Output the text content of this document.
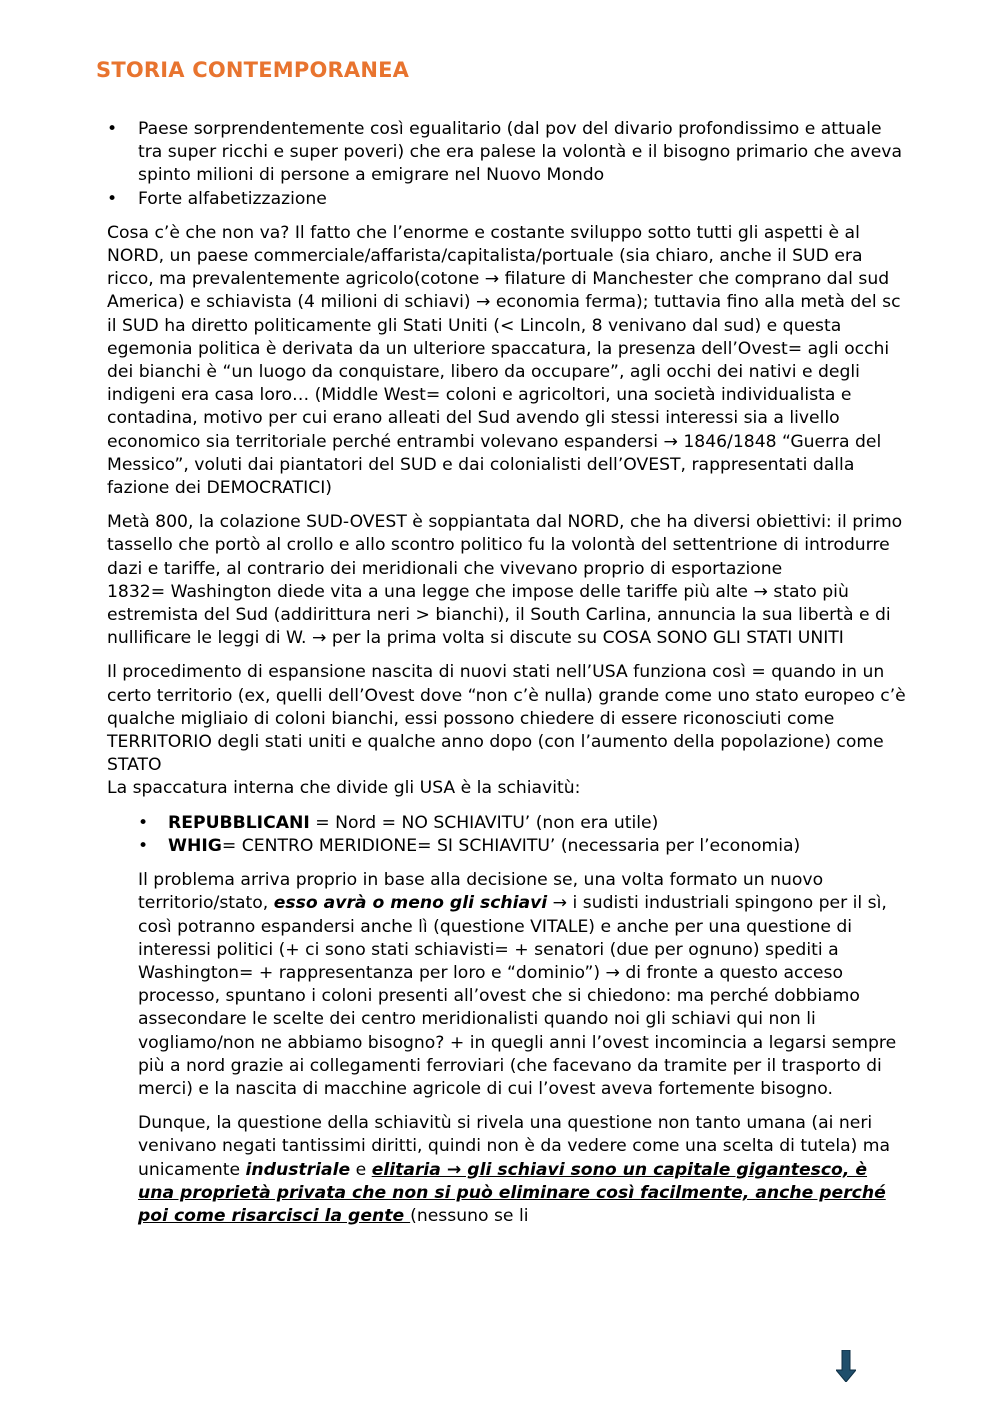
STORIA CONTEMPORANEA
• Paese sorprendentemente così egualitario (dal pov del divario profondissimo e attuale tra super ricchi e super poveri) che era palese la volontà e il bisogno primario che aveva spinto milioni di persone a emigrare nel Nuovo Mondo
• Forte alfabetizzazione

Cosa c’è che non va? Il fatto che l’enorme e costante sviluppo sotto tutti gli aspetti è al NORD, un paese commerciale/affarista/capitalista/portuale (sia chiaro, anche il SUD era ricco, ma prevalentemente agricolo(cotone → filature di Manchester che comprano dal sud America) e schiavista (4 milioni di schiavi) → economia ferma); tuttavia fino alla metà del sc il SUD ha diretto politicamente gli Stati Uniti (< Lincoln, 8 venivano dal sud) e questa egemonia politica è derivata da un ulteriore spaccatura, la presenza dell’Ovest= agli occhi dei bianchi è “un luogo da conquistare, libero da occupare”, agli occhi dei nativi e degli indigeni era casa loro… (Middle West= coloni e agricoltori, una società individualista e contadina, motivo per cui erano alleati del Sud avendo gli stessi interessi sia a livello economico sia territoriale perché entrambi volevano espandersi → 1846/1848 “Guerra del Messico”, voluti dai piantatori del SUD e dai colonialisti dell’OVEST, rappresentati dalla fazione dei DEMOCRATICI)

Metà 800, la colazione SUD-OVEST è soppiantata dal NORD, che ha diversi obiettivi: il primo tassello che portò al crollo e allo scontro politico fu la volontà del settentrione di introdurre dazi e tariffe, al contrario dei meridionali che vivevano proprio di esportazione
1832= Washington diede vita a una legge che impose delle tariffe più alte → stato più estremista del Sud (addirittura neri > bianchi), il South Carlina, annuncia la sua libertà e di nullificare le leggi di W. → per la prima volta si discute su COSA SONO GLI STATI UNITI

Il procedimento di espansione nascita di nuovi stati nell’USA funziona così = quando in un certo territorio (ex, quelli dell’Ovest dove “non c’è nulla) grande come uno stato europeo c’è qualche migliaio di coloni bianchi, essi possono chiedere di essere riconosciuti come TERRITORIO degli stati uniti e qualche anno dopo (con l’aumento della popolazione) come STATO
La spaccatura interna che divide gli USA è la schiavitù:

• REPUBBLICANI = Nord = NO SCHIAVITU’ (non era utile)
• WHIG= CENTRO MERIDIONE= SI SCHIAVITU’ (necessaria per l’economia)

Il problema arriva proprio in base alla decisione se, una volta formato un nuovo territorio/stato, esso avrà o meno gli schiavi → i sudisti industriali spingono per il sì, così potranno espandersi anche lì (questione VITALE) e anche per una questione di interessi politici (+ ci sono stati schiavisti= + senatori (due per ognuno) spediti a Washington= + rappresentanza per loro e “dominio”) → di fronte a questo acceso processo, spuntano i coloni presenti all’ovest che si chiedono: ma perché dobbiamo assecondare le scelte dei centro meridionalisti quando noi gli schiavi qui non li vogliamo/non ne abbiamo bisogno? + in quegli anni l’ovest incomincia a legarsi sempre più a nord grazie ai collegamenti ferroviari (che facevano da tramite per il trasporto di merci) e la nascita di macchine agricole di cui l’ovest aveva fortemente bisogno.

Dunque, la questione della schiavitù si rivela una questione non tanto umana (ai neri venivano negati tantissimi diritti, quindi non è da vedere come una scelta di tutela) ma unicamente industriale e elitaria → gli schiavi sono un capitale gigantesco, è una proprietà privata che non si può eliminare così facilmente, anche perché poi come risarcisci la gente (nessuno se li
